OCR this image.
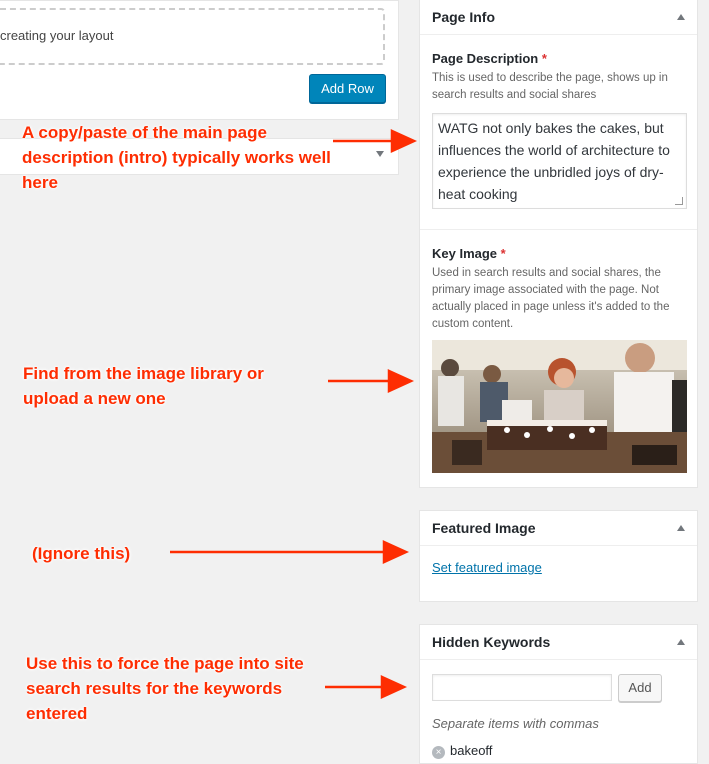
creating your layout
Add Row
Page Info
Page Description *
This is used to describe the page, shows up in search results and social shares
WATG not only bakes the cakes, but influences the world of architecture to experience the unbridled joys of dry-heat cooking
Key Image *
Used in search results and social shares, the primary image associated with the page. Not actually placed in page unless it's added to the custom content.
Featured Image
Set featured image
Hidden Keywords
Add
Separate items with commas
× bakeoff
A copy/paste of the main page description (intro) typically works well here
Find from the image library or upload a new one
(Ignore this)
Use this to force the page into site search results for the keywords entered
